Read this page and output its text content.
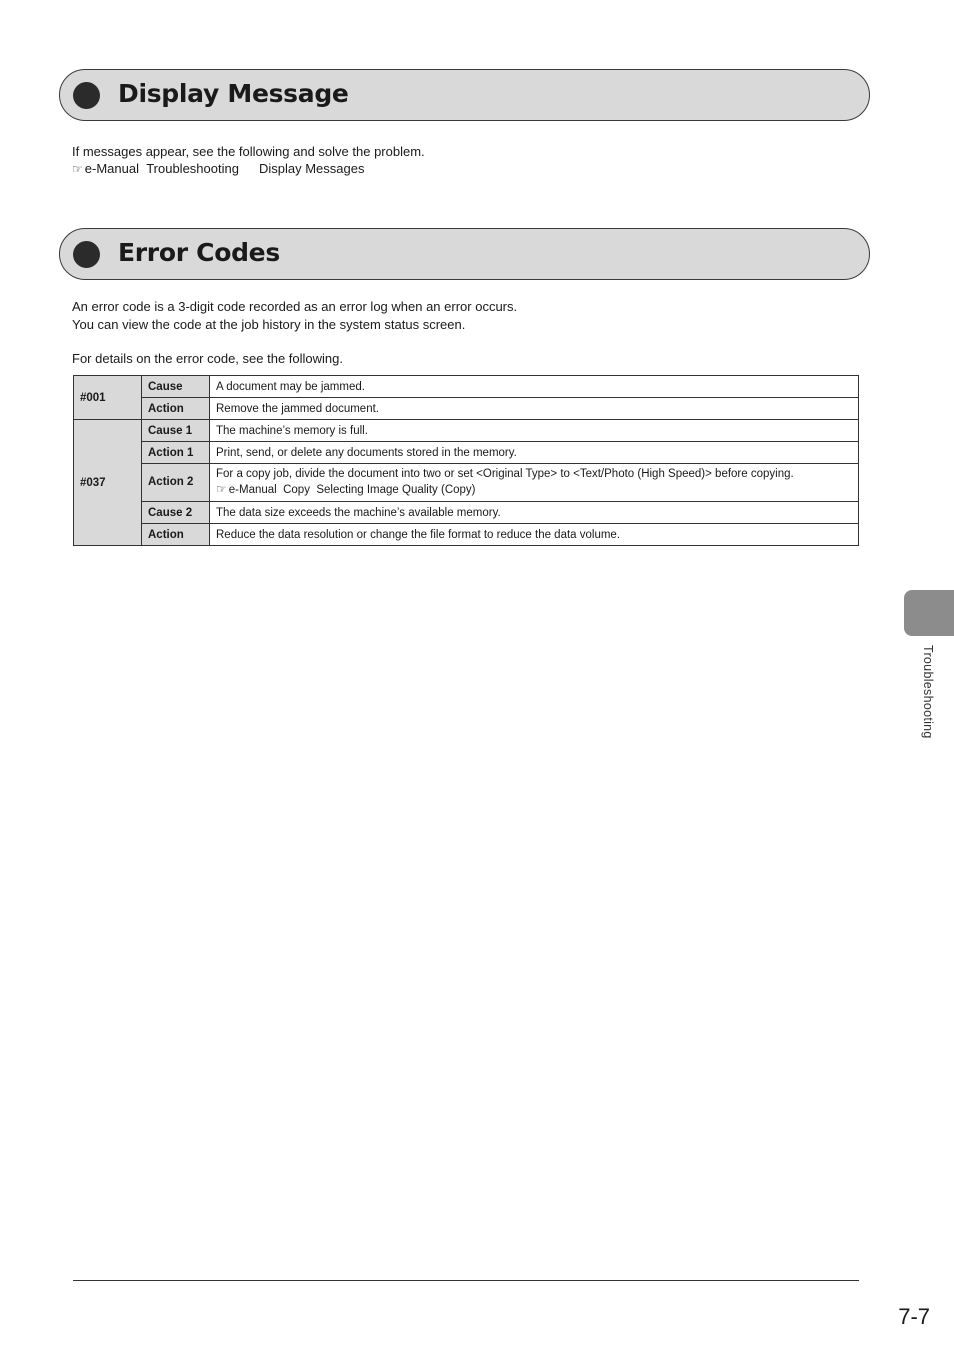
Display Message
If messages appear, see the following and solve the problem.
☞ e-Manual Troubleshooting Display Messages
Error Codes
An error code is a 3-digit code recorded as an error log when an error occurs.
You can view the code at the job history in the system status screen.
For details on the error code, see the following.
#001	Cause	A document may be jammed.
	Action	Remove the jammed document.
#037	Cause 1	The machine’s memory is full.
	Action 1	Print, send, or delete any documents stored in the memory.
	Action 2	For a copy job, divide the document into two or set <Original Type> to <Text/Photo (High Speed)> before copying.
☞ e-Manual Copy Selecting Image Quality (Copy)

	Cause 2	The data size exceeds the machine’s available memory.
	Action	Reduce the data resolution or change the file format to reduce the data volume.
Troubleshooting
7-7
